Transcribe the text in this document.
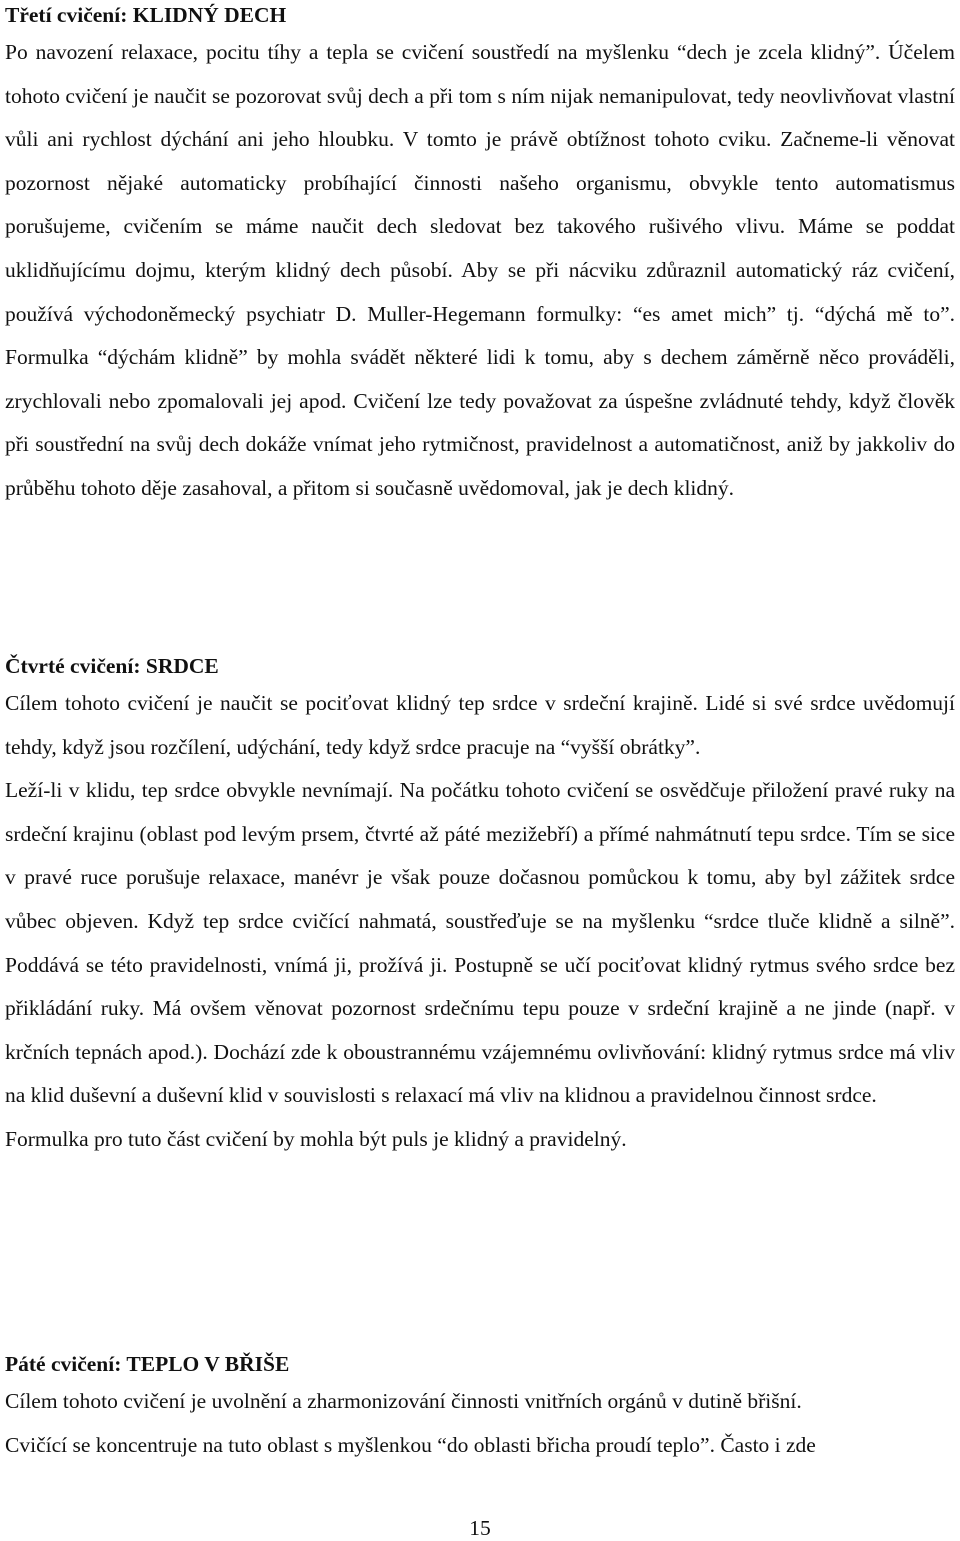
Třetí cvičení: KLIDNÝ DECH

Po navození relaxace, pocitu tíhy a tepla se cvičení soustředí na myšlenku “dech je zcela klidný”. Účelem tohoto cvičení je naučit se pozorovat svůj dech a při tom s ním nijak nemanipulovat, tedy neovlivňovat vlastní vůli ani rychlost dýchání ani jeho hloubku. V tomto je právě obtížnost tohoto cviku. Začneme-li věnovat pozornost nějaké automaticky probíhající činnosti našeho organismu, obvykle tento automatismus porušujeme, cvičením se máme naučit dech sledovat bez takového rušivého vlivu. Máme se poddat uklidňujícímu dojmu, kterým klidný dech působí. Aby se při nácviku zdůraznil automatický ráz cvičení, používá východoněmecký psychiatr D. Muller-Hegemann formulky: “es amet mich” tj. “dýchá mě to”. Formulka “dýchám klidně” by mohla svádět některé lidi k tomu, aby s dechem záměrně něco prováděli, zrychlovali nebo zpomalovali jej apod. Cvičení lze tedy považovat za úspešne zvládnuté tehdy, když člověk při soustřední na svůj dech dokáže vnímat jeho rytmičnost, pravidelnost a automatičnost, aniž by jakkoliv do průběhu tohoto děje zasahoval, a přitom si současně uvědomoval, jak je dech klidný.

Čtvrté cvičení: SRDCE

Cílem tohoto cvičení je naučit se pociťovat klidný tep srdce v srdeční krajině. Lidé si své srdce uvědomují tehdy, když jsou rozčílení, udýchání, tedy když srdce pracuje na “vyšší obrátky”.

Leží-li v klidu, tep srdce obvykle nevnímají. Na počátku tohoto cvičení se osvědčuje přiložení pravé ruky na srdeční krajinu (oblast pod levým prsem, čtvrté až páté mezižebří) a přímé nahmátnutí tepu srdce. Tím se sice v pravé ruce porušuje relaxace, manévr je však pouze dočasnou pomůckou k tomu, aby byl zážitek srdce vůbec objeven. Když tep srdce cvičící nahmatá, soustřeďuje se na myšlenku “srdce tluče klidně a silně”. Poddává se této pravidelnosti, vnímá ji, prožívá ji. Postupně se učí pociťovat klidný rytmus svého srdce bez přikládání ruky. Má ovšem věnovat pozornost srdečnímu tepu pouze v srdeční krajině a ne jinde (např. v krčních tepnách apod.). Dochází zde k oboustrannému vzájemnému ovlivňování: klidný rytmus srdce má vliv na klid duševní a duševní klid v souvislosti s relaxací má vliv na klidnou a pravidelnou činnost srdce.

Formulka pro tuto část cvičení by mohla být puls je klidný a pravidelný.

Páté cvičení: TEPLO V BŘIŠE

Cílem tohoto cvičení je uvolnění a zharmonizování činnosti vnitřních orgánů v dutině břišní.

Cvičící se koncentruje na tuto oblast s myšlenkou “do oblasti břicha proudí teplo”. Často i zde

15
